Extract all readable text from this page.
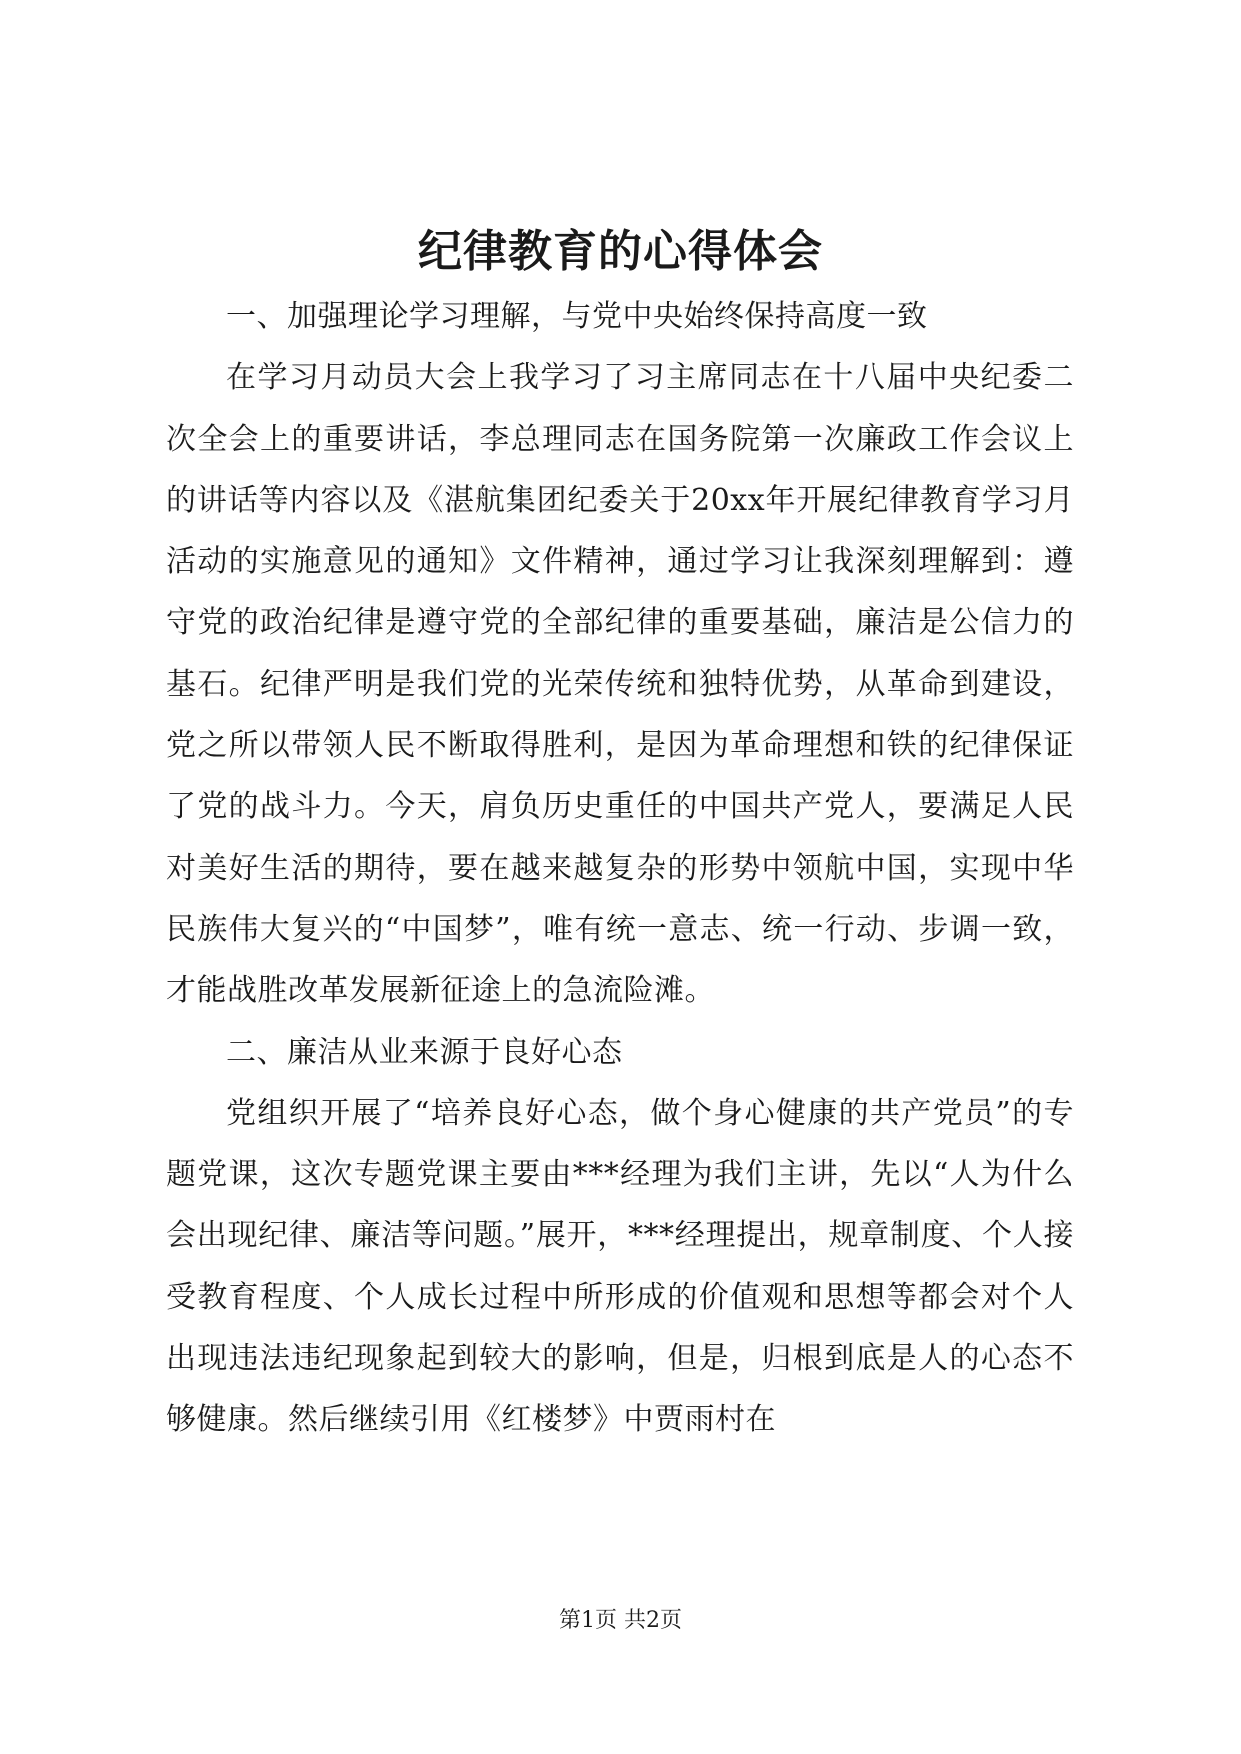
纪律教育的心得体会

一、加强理论学习理解，与党中央始终保持高度一致

在学习月动员大会上我学习了习主席同志在十八届中央纪委二次全会上的重要讲话，李总理同志在国务院第一次廉政工作会议上的讲话等内容以及《湛航集团纪委关于20xx年开展纪律教育学习月活动的实施意见的通知》文件精神，通过学习让我深刻理解到：遵守党的政治纪律是遵守党的全部纪律的重要基础，廉洁是公信力的基石。纪律严明是我们党的光荣传统和独特优势，从革命到建设，党之所以带领人民不断取得胜利，是因为革命理想和铁的纪律保证了党的战斗力。今天，肩负历史重任的中国共产党人，要满足人民对美好生活的期待，要在越来越复杂的形势中领航中国，实现中华民族伟大复兴的“中国梦”，唯有统一意志、统一行动、步调一致，才能战胜改革发展新征途上的急流险滩。

二、廉洁从业来源于良好心态

党组织开展了“培养良好心态，做个身心健康的共产党员”的专题党课，这次专题党课主要由***经理为我们主讲，先以“人为什么会出现纪律、廉洁等问题。”展开，***经理提出，规章制度、个人接受教育程度、个人成长过程中所形成的价值观和思想等都会对个人出现违法违纪现象起到较大的影响，但是，归根到底是人的心态不够健康。然后继续引用《红楼梦》中贾雨村在

第1页 共2页
